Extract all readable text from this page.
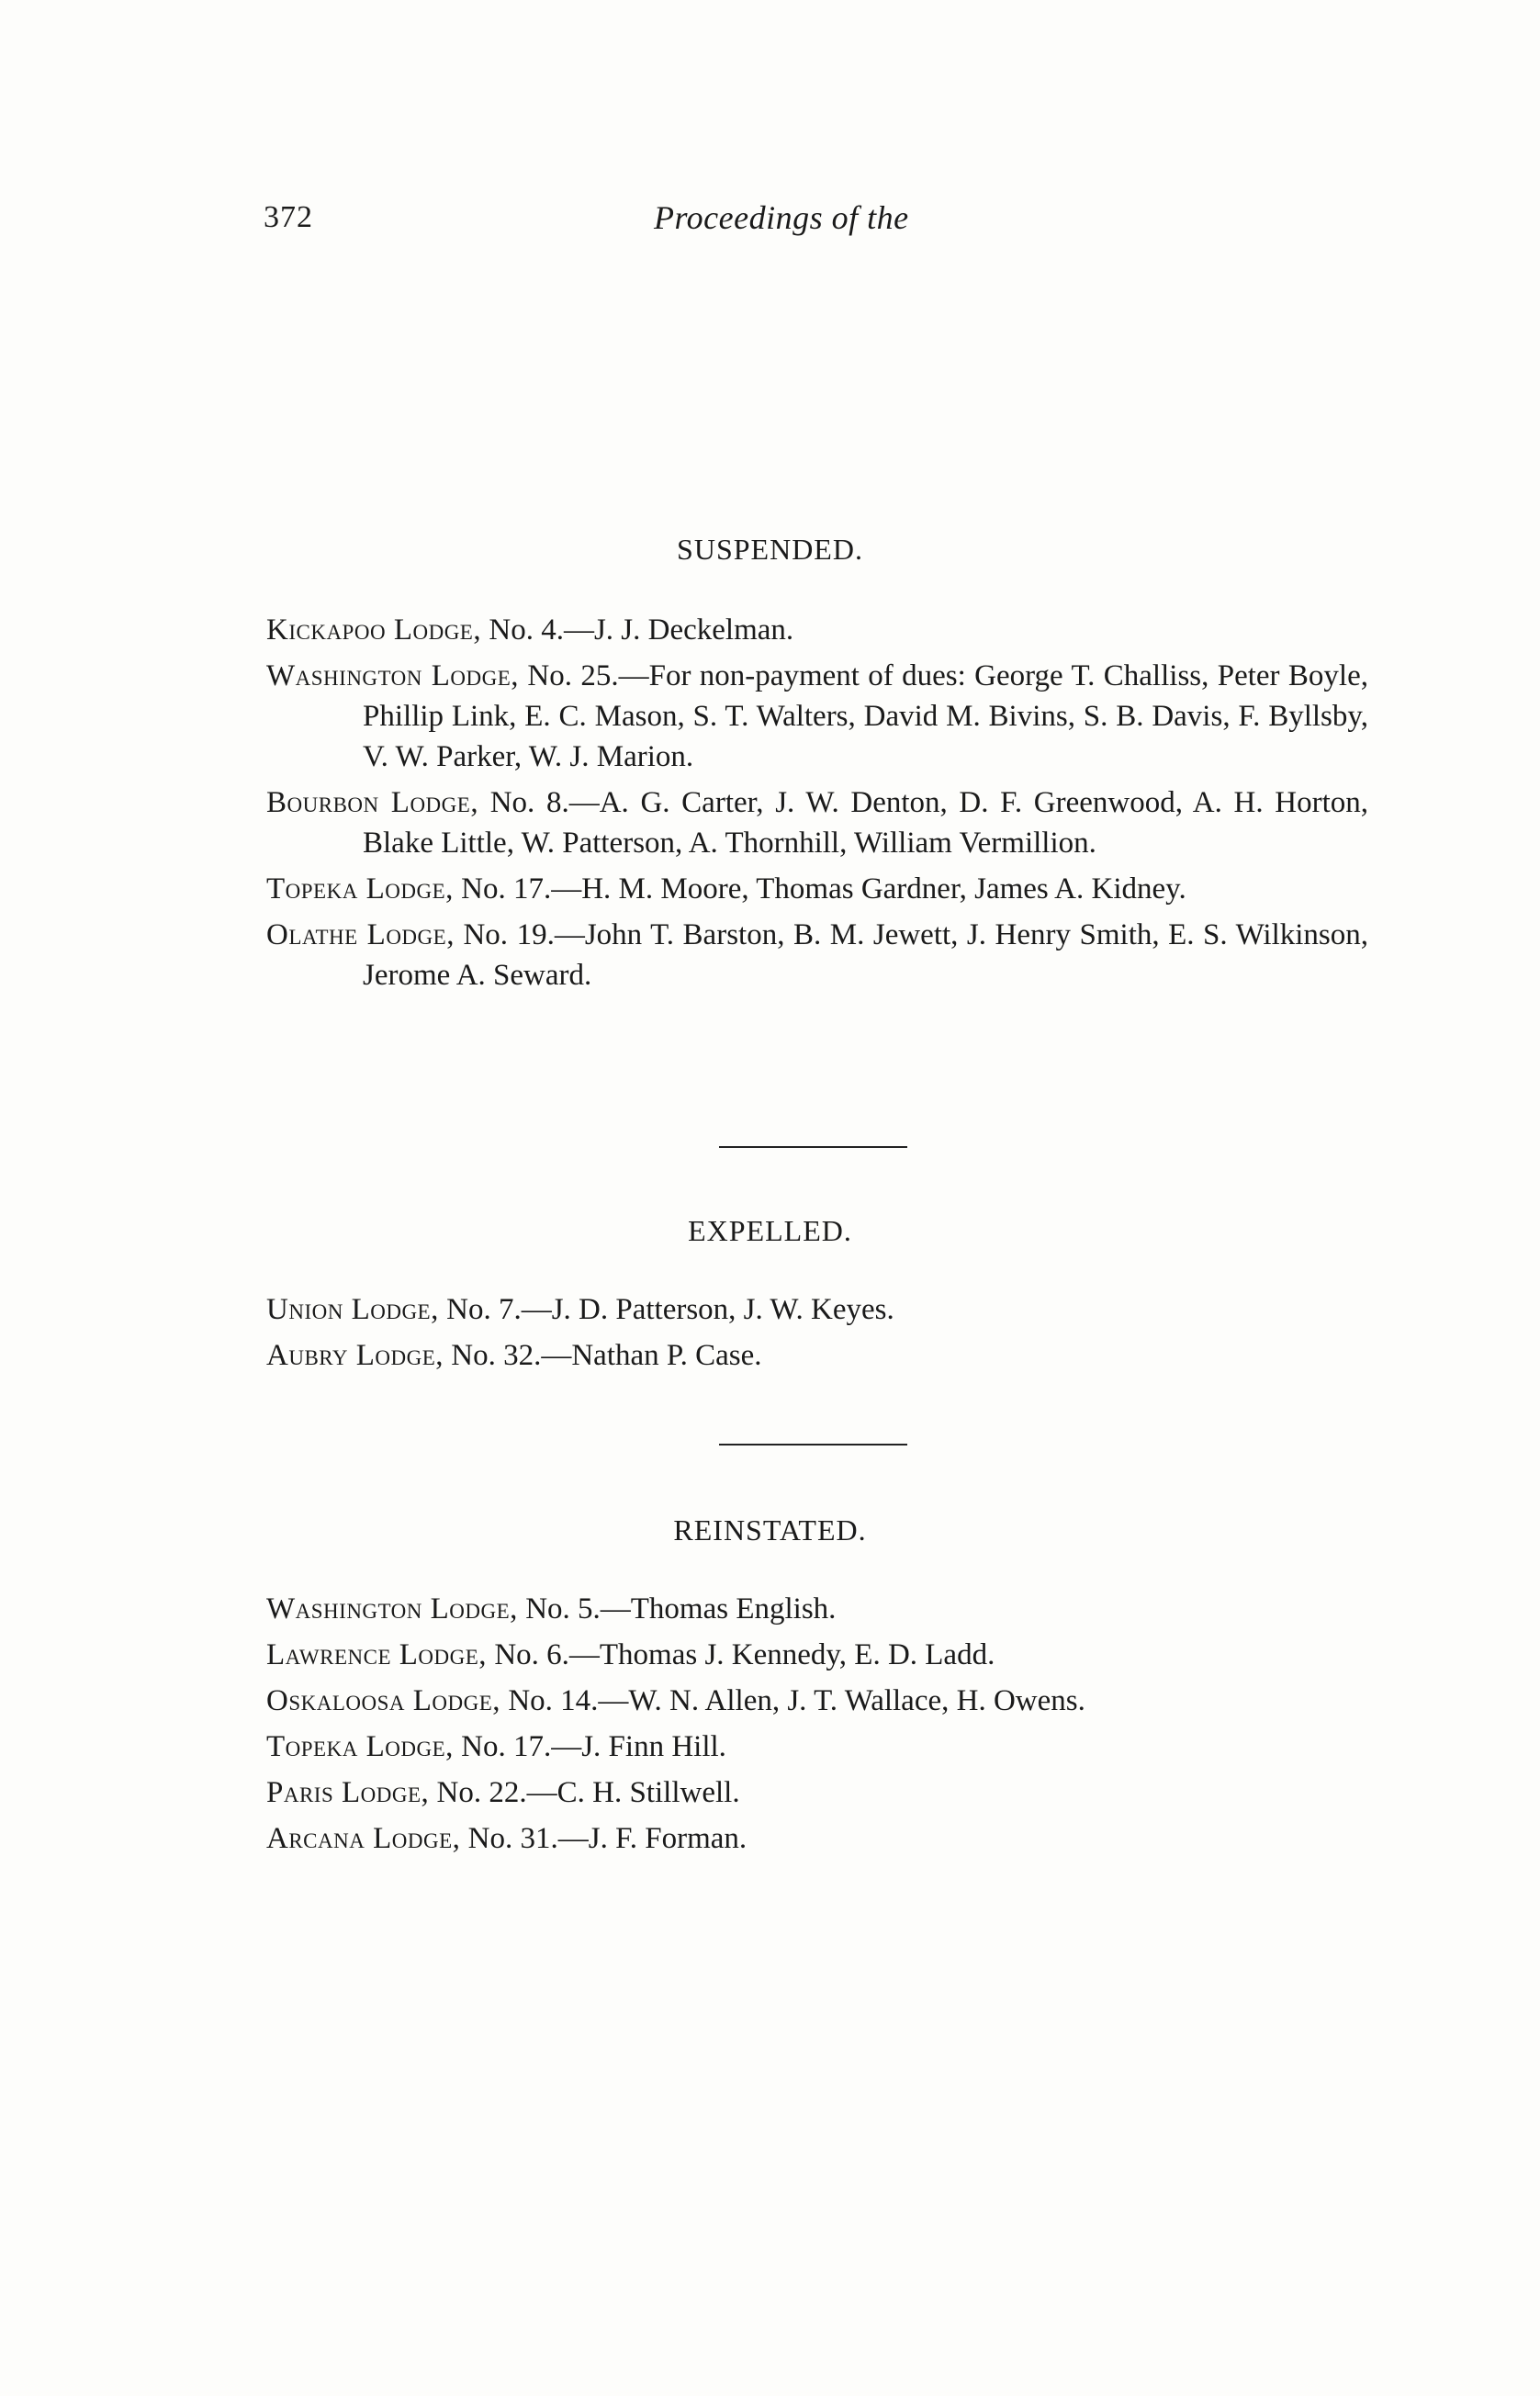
372	Proceedings of the
SUSPENDED.

Kickapoo Lodge, No. 4.—J. J. Deckelman.

Washington Lodge, No. 25.—For non-payment of dues: George T. Challiss, Peter Boyle, Phillip Link, E. C. Mason, S. T. Walters, David M. Bivins, S. B. Davis, F. Byllsby, V. W. Parker, W. J. Marion.

Bourbon Lodge, No. 8.—A. G. Carter, J. W. Denton, D. F. Greenwood, A. H. Horton, Blake Little, W. Patterson, A. Thornhill, William Vermillion.

Topeka Lodge, No. 17.—H. M. Moore, Thomas Gardner, James A. Kidney.

Olathe Lodge, No. 19.—John T. Barston, B. M. Jewett, J. Henry Smith, E. S. Wilkinson, Jerome A. Seward.

EXPELLED.

Union Lodge, No. 7.—J. D. Patterson, J. W. Keyes.

Aubry Lodge, No. 32.—Nathan P. Case.

REINSTATED.

Washington Lodge, No. 5.—Thomas English.

Lawrence Lodge, No. 6.—Thomas J. Kennedy, E. D. Ladd.

Oskaloosa Lodge, No. 14.—W. N. Allen, J. T. Wallace, H. Owens.

Topeka Lodge, No. 17.—J. Finn Hill.

Paris Lodge, No. 22.—C. H. Stillwell.

Arcana Lodge, No. 31.—J. F. Forman.
